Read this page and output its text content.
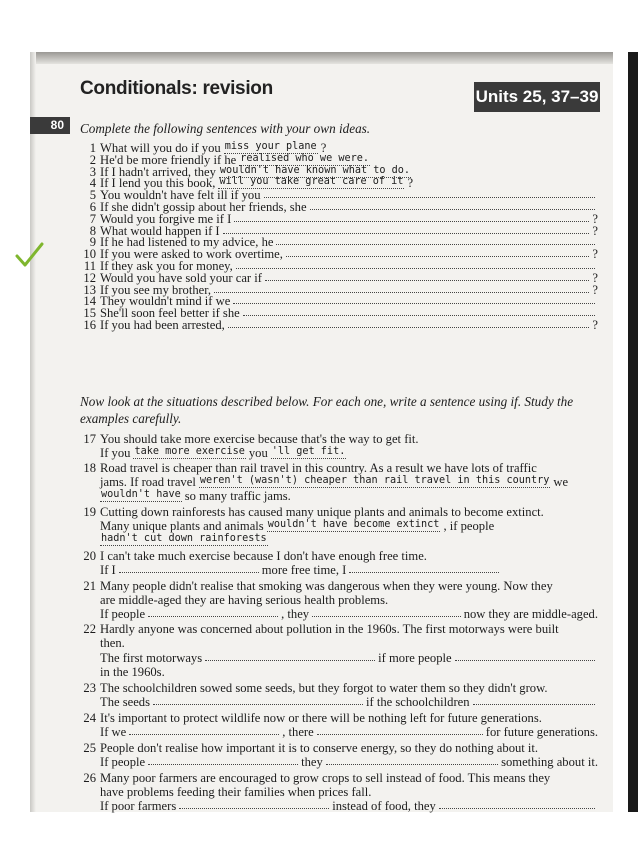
Conditionals: revision	Units 25, 37–39
80	Complete the following sentences with your own ideas.
1 What will you do if you miss your plane ?
2 He'd be more friendly if he realised who we were.
3 If I hadn't arrived, they wouldn't have known what to do.
4 If I lend you this book, will you take great care of it ?
5 You wouldn't have felt ill if you
6 If she didn't gossip about her friends, she
7 Would you forgive me if I	?
8 What would happen if I	?
9 If he had listened to my advice, he
10 If you were asked to work overtime,	?
11 If they ask you for money,
12 Would you have sold your car if	?
13 If you see my brother,	?
14 They wouldn't mind if we
15 She'll soon feel better if she
16 If you had been arrested,	?
Now look at the situations described below. For each one, write a sentence using if. Study the examples carefully.
17 You should take more exercise because that's the way to get fit.
If you take more exercise you 'll get fit.
18 Road travel is cheaper than rail travel in this country. As a result we have lots of traffic
jams. If road travel weren't (wasn't) cheaper than rail travel in this country we
wouldn't have so many traffic jams.
19 Cutting down rainforests has caused many unique plants and animals to become extinct.
Many unique plants and animals wouldn't have become extinct , if people
hadn't cut down rainforests
20 I can't take much exercise because I don't have enough free time.
If I	more free time, I
21 Many people didn't realise that smoking was dangerous when they were young. Now they
are middle-aged they are having serious health problems.
If people	, they	now they are middle-aged.
22 Hardly anyone was concerned about pollution in the 1960s. The first motorways were built
then.
The first motorways	if more people
in the 1960s.
23 The schoolchildren sowed some seeds, but they forgot to water them so they didn't grow.
The seeds	if the schoolchildren
24 It's important to protect wildlife now or there will be nothing left for future generations.
If we	, there	for future generations.
25 People don't realise how important it is to conserve energy, so they do nothing about it.
If people	they	something about it.
26 Many poor farmers are encouraged to grow crops to sell instead of food. This means they
have problems feeding their families when prices fall.
If poor farmers	instead of food, they
